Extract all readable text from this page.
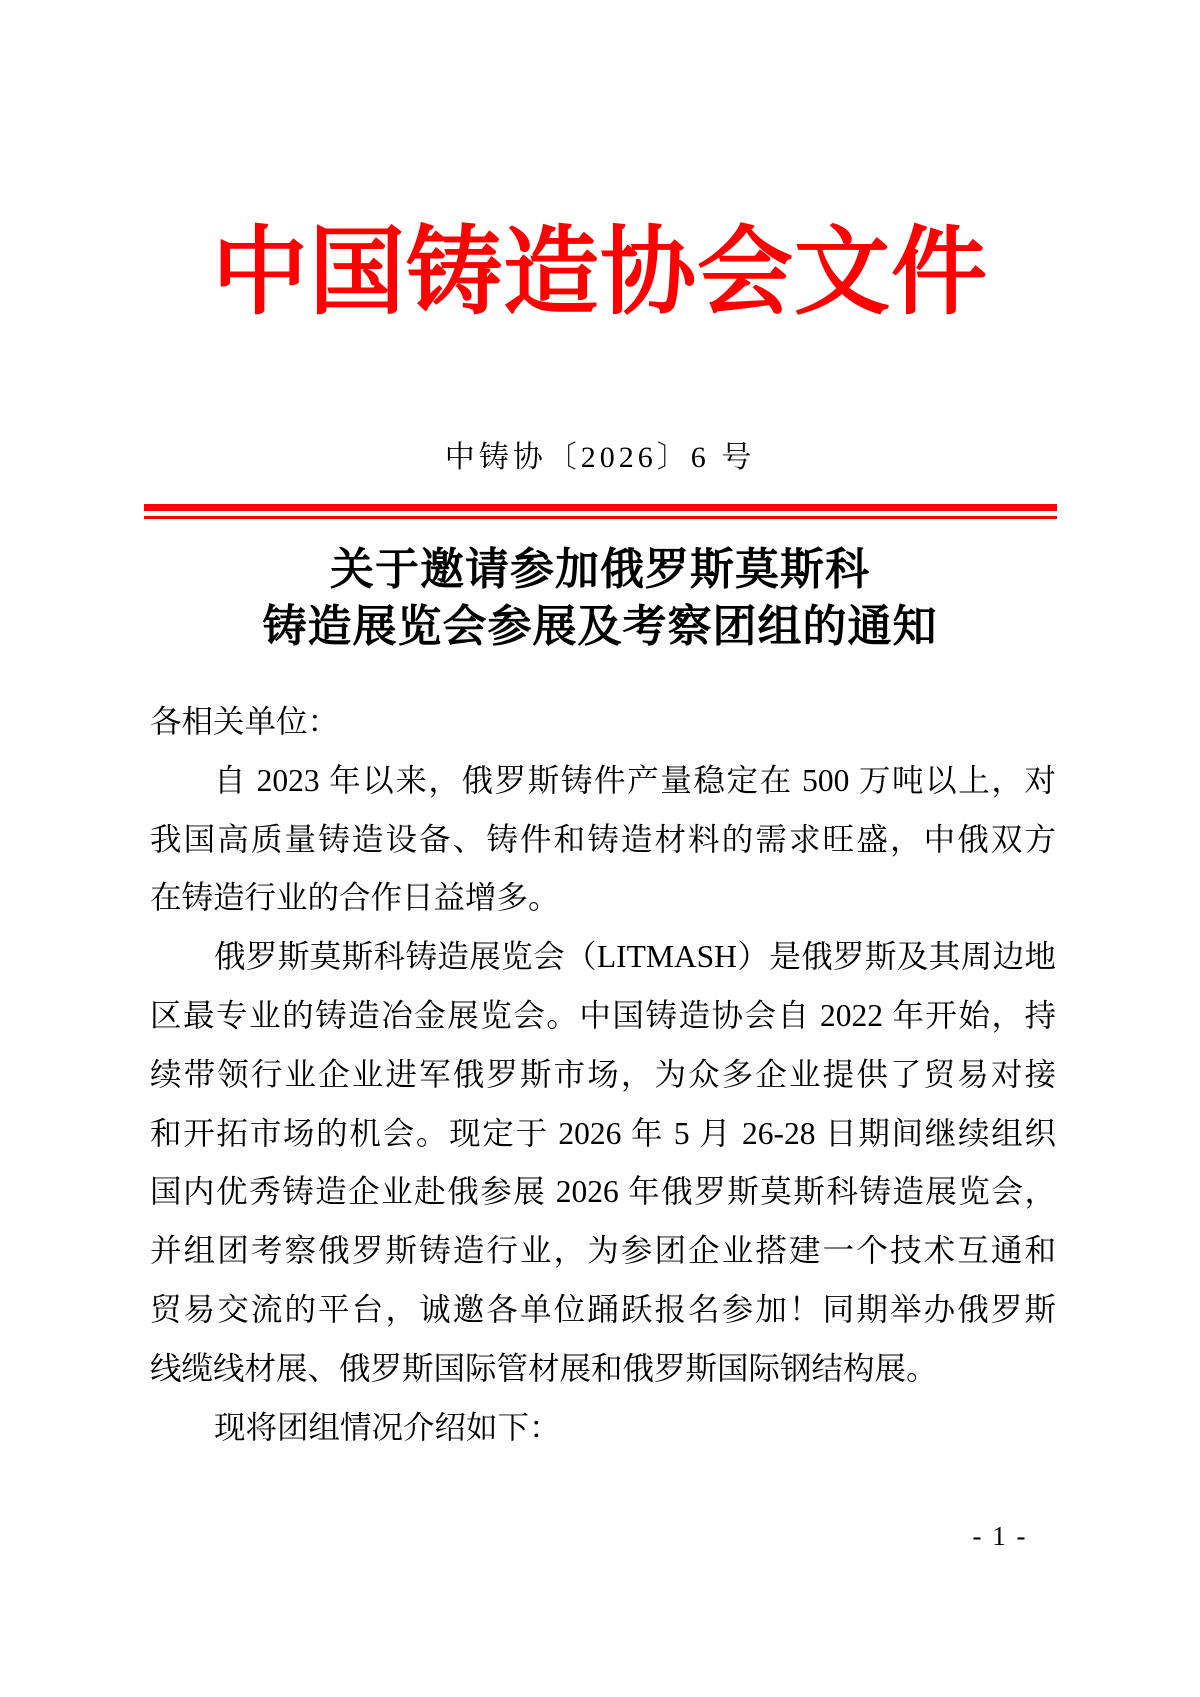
中国铸造协会文件
中铸协〔2026〕6 号
关于邀请参加俄罗斯莫斯科
铸造展览会参展及考察团组的通知

各相关单位：

自 2023 年以来，俄罗斯铸件产量稳定在 500 万吨以上，对

我国高质量铸造设备、铸件和铸造材料的需求旺盛，中俄双方

在铸造行业的合作日益增多。

俄罗斯莫斯科铸造展览会（LITMASH）是俄罗斯及其周边地

区最专业的铸造冶金展览会。中国铸造协会自 2022 年开始，持

续带领行业企业进军俄罗斯市场，为众多企业提供了贸易对接

和开拓市场的机会。现定于 2026 年 5 月 26-28 日期间继续组织

国内优秀铸造企业赴俄参展 2026 年俄罗斯莫斯科铸造展览会，

并组团考察俄罗斯铸造行业，为参团企业搭建一个技术互通和

贸易交流的平台，诚邀各单位踊跃报名参加！同期举办俄罗斯

线缆线材展、俄罗斯国际管材展和俄罗斯国际钢结构展。

现将团组情况介绍如下：

- 1 -
